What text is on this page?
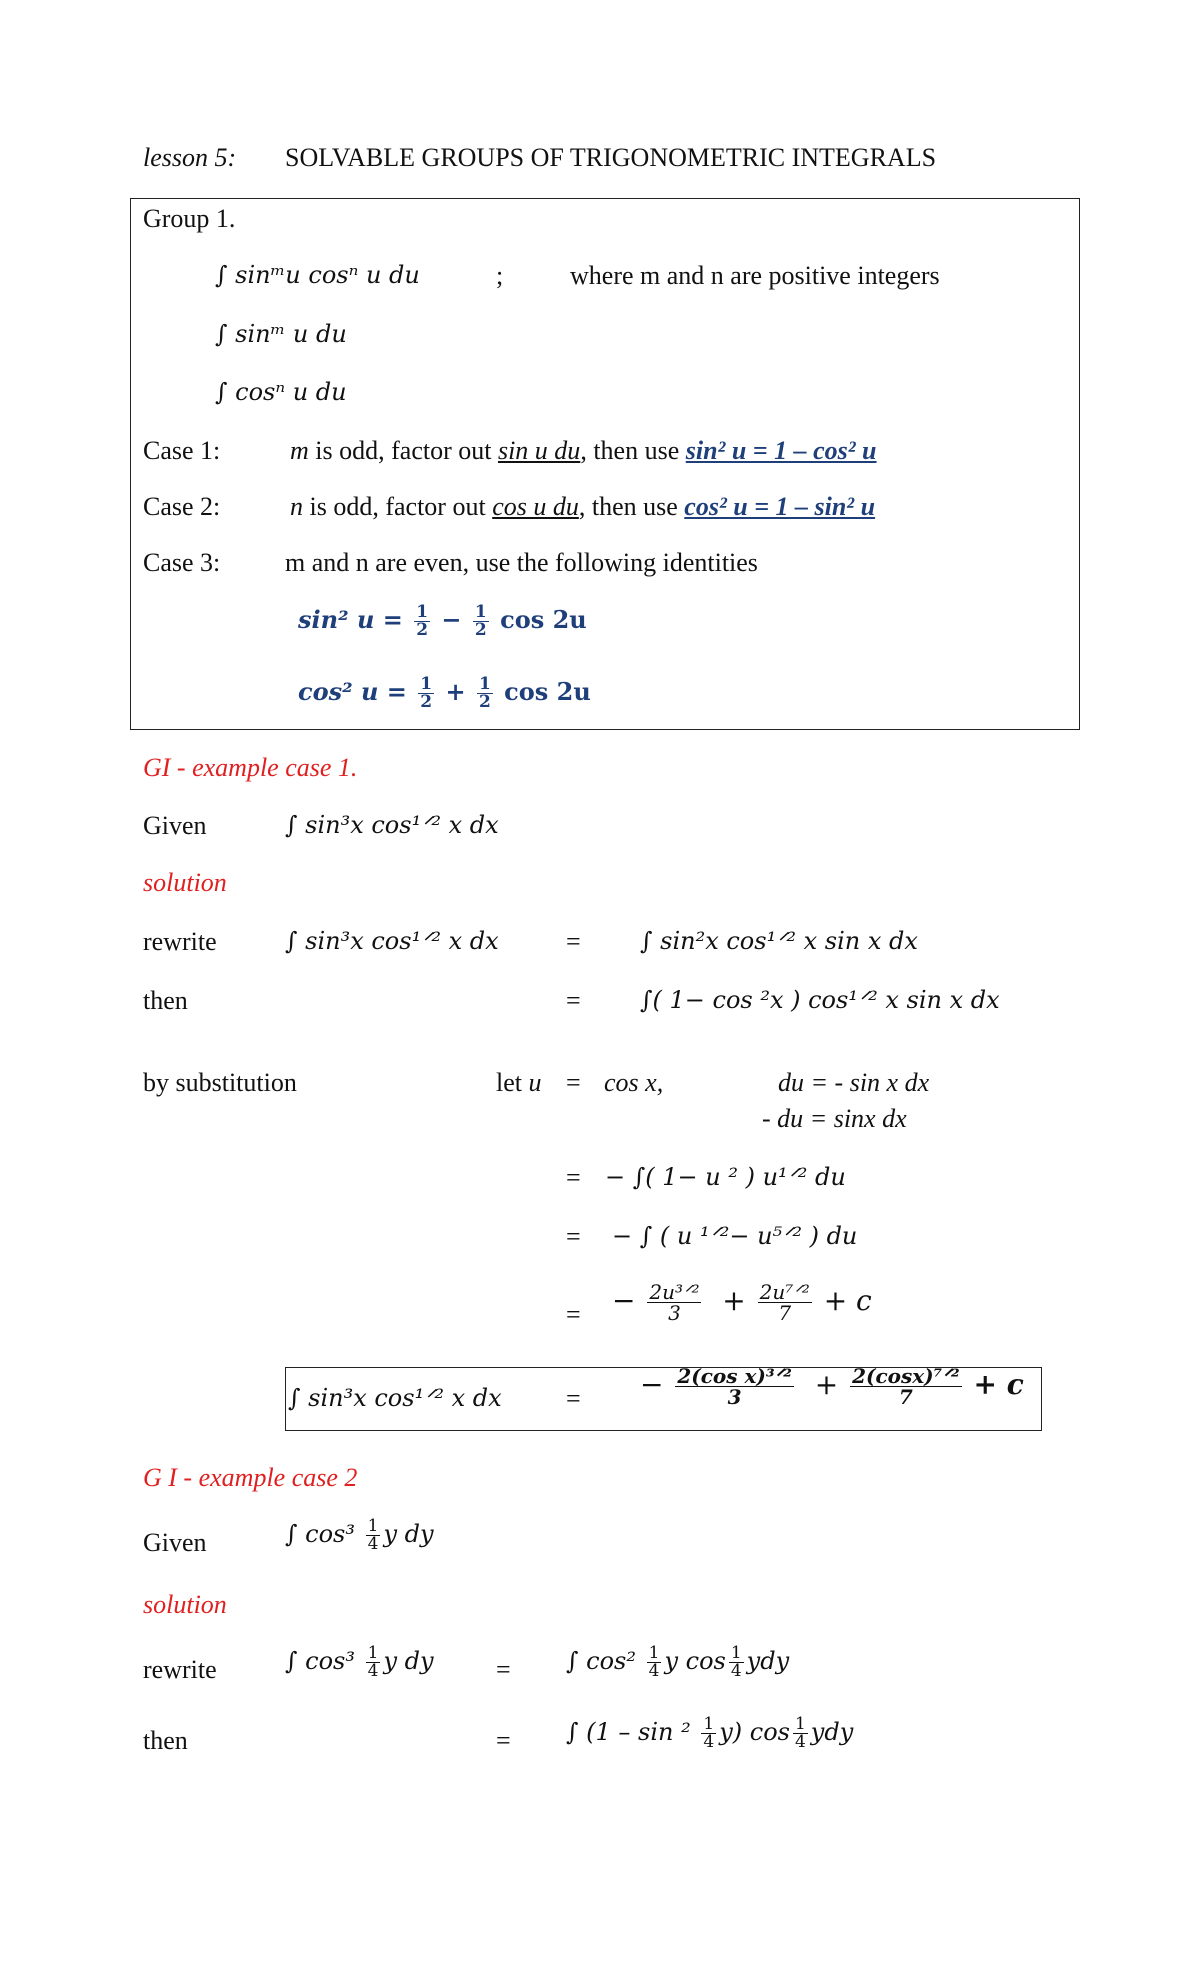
lesson 5: SOLVABLE GROUPS OF TRIGONOMETRIC INTEGRALS
Group 1.
∫ sinᵐu cosⁿ u du	;	where m and n are positive integers
∫ sinᵐ u du
∫ cosⁿ u du
Case 1:	m is odd, factor out sin u du, then use sin² u = 1 – cos² u
Case 2:	n is odd, factor out cos u du, then use cos² u = 1 – sin² u
Case 3: m and n are even, use the following identities
sin² $u = \frac{1}{2} - \frac{1}{2}$ cos 2u
cos² $u = \frac{1}{2} + \frac{1}{2}$ cos 2u
GI - example case 1.
Given	∫ sin³x cos¹ᐟ² x dx
solution
rewrite	∫ sin³x cos¹ᐟ² x dx	= ∫ sin²x cos¹ᐟ² x sin x dx
then	= ∫( 1− cos ²x ) cos¹ᐟ² x sin x dx
by substitution	let u = cos x,	du = - sin x dx
- du = sinx dx
= − ∫( 1− u ² ) u¹ᐟ² du
= − ∫ ( u ¹ᐟ²− u⁵ᐟ² ) du
= − $\frac{\text{2u³ᐟ²}}{3} + \frac{\text{2u⁷ᐟ²}}{7} + c$
∫ sin³x cos¹ᐟ² x dx = − $\frac{\text{2(cos x)³ᐟ²}}{3} + \frac{\text{2(cosx)⁷ᐟ²}}{7} + c$
G I - example case 2
Given	∫ $\cos^3 \frac{1}{4}$ y dy
solution
rewrite	∫ $\cos^3 \frac{1}{4}$ y dy = ∫ $\cos^2 \frac{1}{4}$ y $\cos \frac{1}{4}$ ydy
then	= ∫ $(1 - \sin ^2 \frac{1}{4} y)$ $\cos \frac{1}{4}$ ydy
